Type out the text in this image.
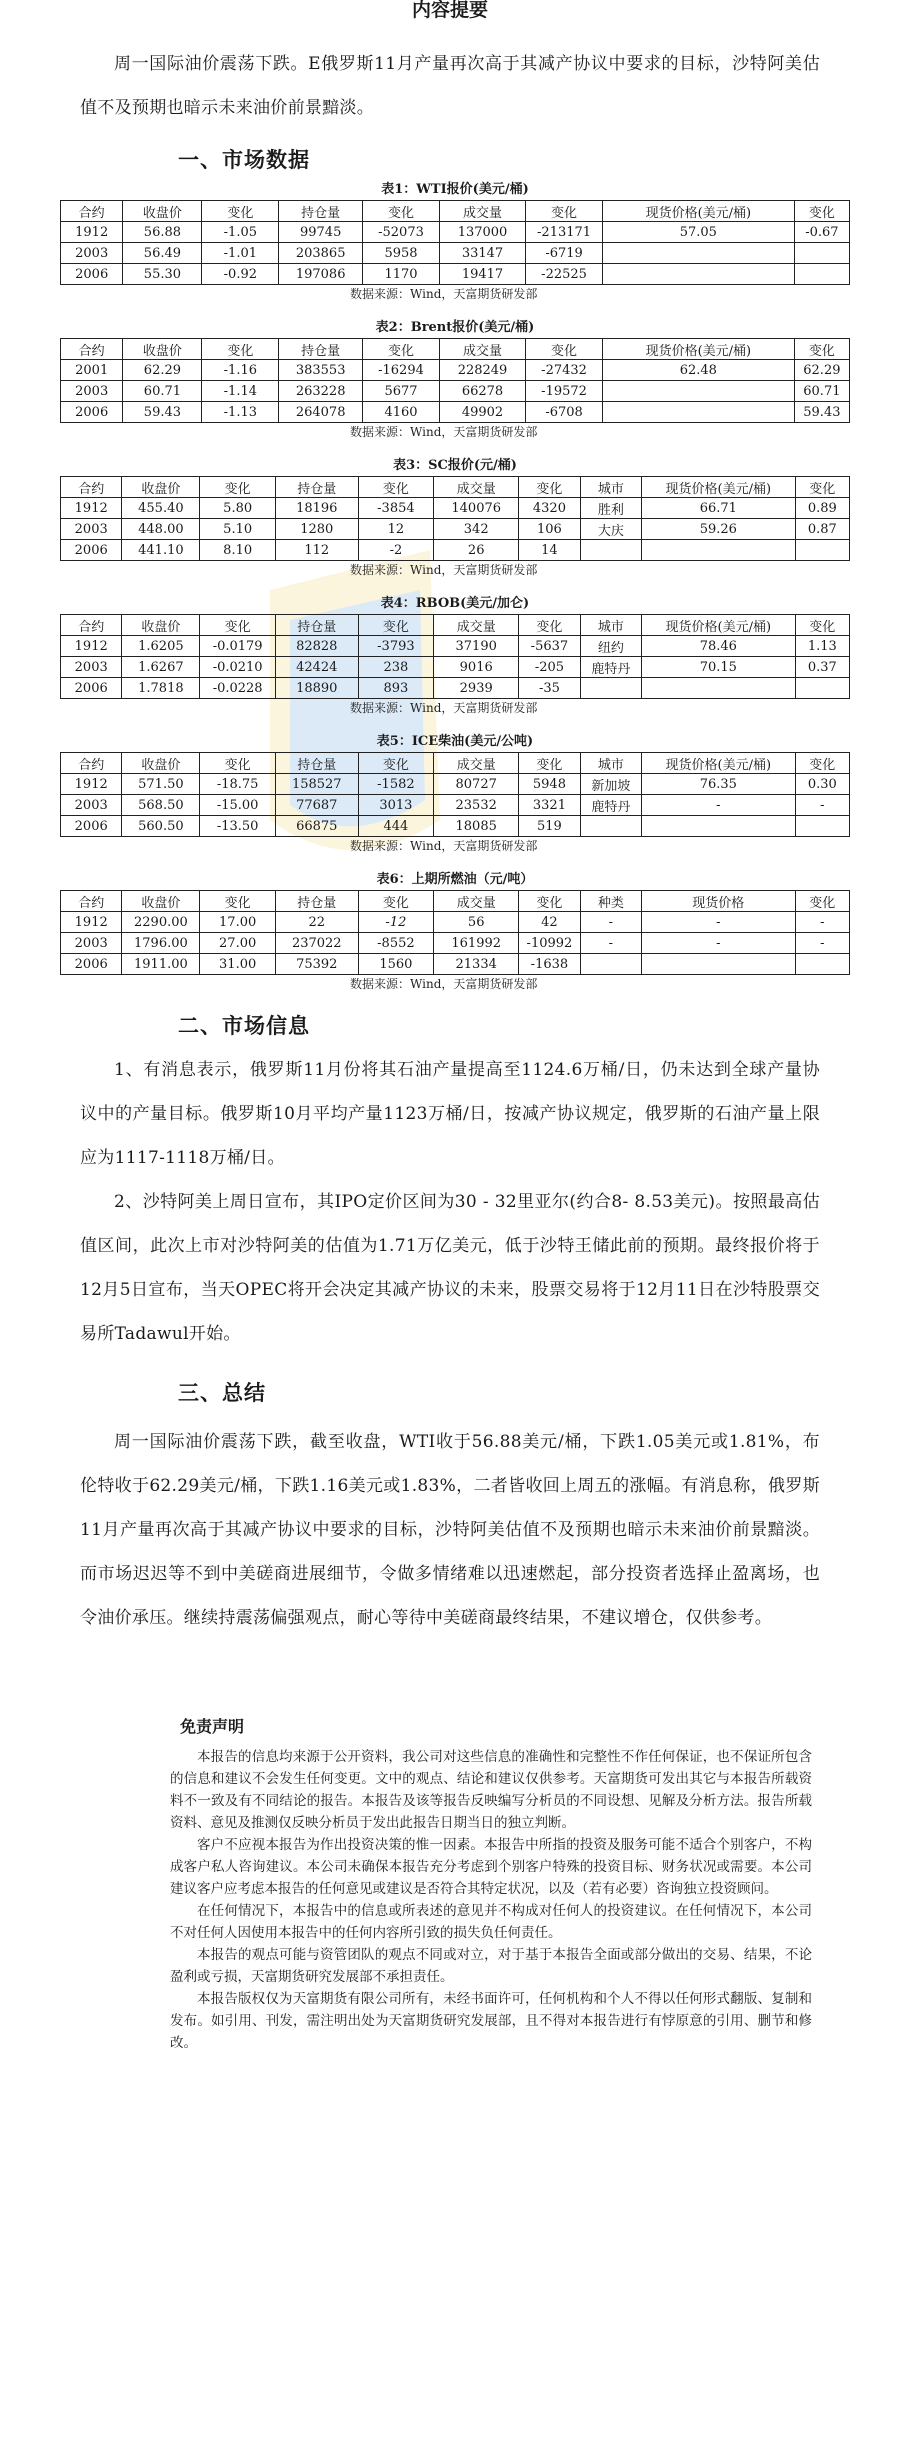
内容提要

周一国际油价震荡下跌。E俄罗斯11月产量再次高于其减产协议中要求的目标，沙特阿美估值不及预期也暗示未来油价前景黯淡。

一、市场数据
表1：WTI报价(美元/桶)
合约	收盘价	变化	持仓量	变化	成交量	变化	现货价格(美元/桶)	变化
1912	56.88	-1.05	99745	-52073	137000	-213171	57.05	-0.67
2003	56.49	-1.01	203865	5958	33147	-6719		
2006	55.30	-0.92	197086	1170	19417	-22525		
数据来源：Wind，天富期货研发部
表2：Brent报价(美元/桶)
合约	收盘价	变化	持仓量	变化	成交量	变化	现货价格(美元/桶)	变化
2001	62.29	-1.16	383553	-16294	228249	-27432	62.48	62.29
2003	60.71	-1.14	263228	5677	66278	-19572		60.71
2006	59.43	-1.13	264078	4160	49902	-6708		59.43
数据来源：Wind，天富期货研发部
表3：SC报价(元/桶)
合约	收盘价	变化	持仓量	变化	成交量	变化	城市	现货价格(美元/桶)	变化
1912	455.40	5.80	18196	-3854	140076	4320	胜利	66.71	0.89
2003	448.00	5.10	1280	12	342	106	大庆	59.26	0.87
2006	441.10	8.10	112	-2	26	14			
数据来源：Wind，天富期货研发部
表4：RBOB(美元/加仑)
合约	收盘价	变化	持仓量	变化	成交量	变化	城市	现货价格(美元/桶)	变化
1912	1.6205	-0.0179	82828	-3793	37190	-5637	纽约	78.46	1.13
2003	1.6267	-0.0210	42424	238	9016	-205	鹿特丹	70.15	0.37
2006	1.7818	-0.0228	18890	893	2939	-35			
数据来源：Wind，天富期货研发部
表5：ICE柴油(美元/公吨)
合约	收盘价	变化	持仓量	变化	成交量	变化	城市	现货价格(美元/桶)	变化
1912	571.50	-18.75	158527	-1582	80727	5948	新加坡	76.35	0.30
2003	568.50	-15.00	77687	3013	23532	3321	鹿特丹	-	-
2006	560.50	-13.50	66875	444	18085	519			
数据来源：Wind，天富期货研发部
表6：上期所燃油（元/吨）
合约	收盘价	变化	持仓量	变化	成交量	变化	种类	现货价格	变化
1912	2290.00	17.00	22	-12	56	42	-	-	-
2003	1796.00	27.00	237022	-8552	161992	-10992	-	-	-
2006	1911.00	31.00	75392	1560	21334	-1638			
数据来源：Wind，天富期货研发部
二、市场信息

1、有消息表示，俄罗斯11月份将其石油产量提高至1124.6万桶/日，仍未达到全球产量协议中的产量目标。俄罗斯10月平均产量1123万桶/日，按减产协议规定，俄罗斯的石油产量上限应为1117-1118万桶/日。

2、沙特阿美上周日宣布，其IPO定价区间为30 - 32里亚尔(约合8- 8.53美元)。按照最高估值区间，此次上市对沙特阿美的估值为1.71万亿美元，低于沙特王储此前的预期。最终报价将于12月5日宣布，当天OPEC将开会决定其减产协议的未来，股票交易将于12月11日在沙特股票交易所Tadawul开始。

三、总结

周一国际油价震荡下跌，截至收盘，WTI收于56.88美元/桶，下跌1.05美元或1.81%，布伦特收于62.29美元/桶，下跌1.16美元或1.83%，二者皆收回上周五的涨幅。有消息称，俄罗斯11月产量再次高于其减产协议中要求的目标，沙特阿美估值不及预期也暗示未来油价前景黯淡。而市场迟迟等不到中美磋商进展细节，令做多情绪难以迅速燃起，部分投资者选择止盈离场，也令油价承压。继续持震荡偏强观点，耐心等待中美磋商最终结果，不建议增仓，仅供参考。

免责声明

本报告的信息均来源于公开资料，我公司对这些信息的准确性和完整性不作任何保证，也不保证所包含的信息和建议不会发生任何变更。文中的观点、结论和建议仅供参考。天富期货可发出其它与本报告所载资料不一致及有不同结论的报告。本报告及该等报告反映编写分析员的不同设想、见解及分析方法。报告所载资料、意见及推测仅反映分析员于发出此报告日期当日的独立判断。

客户不应视本报告为作出投资决策的惟一因素。本报告中所指的投资及服务可能不适合个别客户，不构成客户私人咨询建议。本公司未确保本报告充分考虑到个别客户特殊的投资目标、财务状况或需要。本公司建议客户应考虑本报告的任何意见或建议是否符合其特定状况，以及（若有必要）咨询独立投资顾问。

在任何情况下，本报告中的信息或所表述的意见并不构成对任何人的投资建议。在任何情况下，本公司不对任何人因使用本报告中的任何内容所引致的损失负任何责任。

本报告的观点可能与资管团队的观点不同或对立，对于基于本报告全面或部分做出的交易、结果，不论盈利或亏损，天富期货研究发展部不承担责任。

本报告版权仅为天富期货有限公司所有，未经书面许可，任何机构和个人不得以任何形式翻版、复制和发布。如引用、刊发，需注明出处为天富期货研究发展部，且不得对本报告进行有悖原意的引用、删节和修改。
